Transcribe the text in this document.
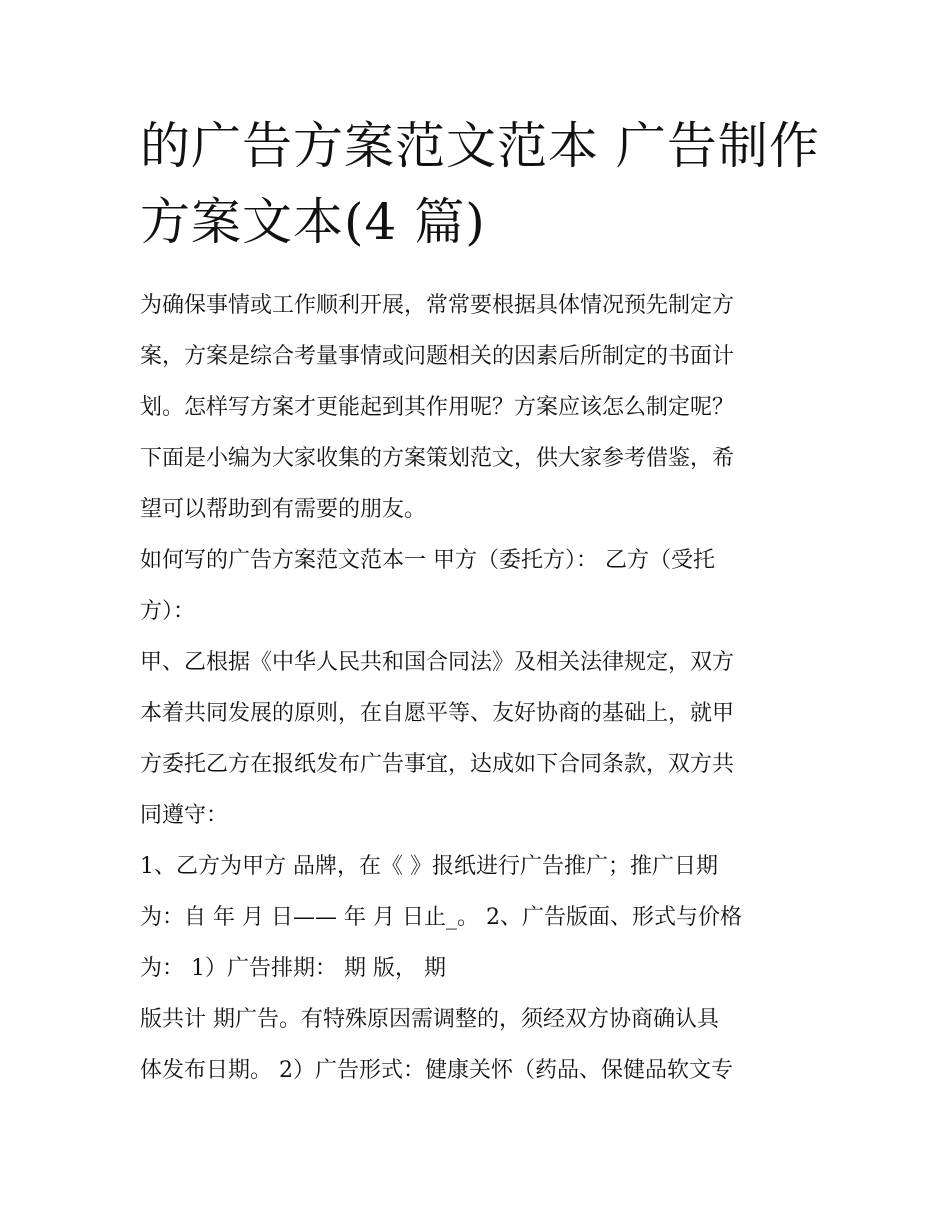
的广告方案范文范本 广告制作
方案文本(4 篇)
为确保事情或工作顺利开展，常常要根据具体情况预先制定方
案，方案是综合考量事情或问题相关的因素后所制定的书面计
划。怎样写方案才更能起到其作用呢？方案应该怎么制定呢？
下面是小编为大家收集的方案策划范文，供大家参考借鉴，希
望可以帮助到有需要的朋友。
如何写的广告方案范文范本一 甲方（委托方）： 乙方（受托
方）：
甲、乙根据《中华人民共和国合同法》及相关法律规定，双方
本着共同发展的原则，在自愿平等、友好协商的基础上，就甲
方委托乙方在报纸发布广告事宜，达成如下合同条款，双方共
同遵守：
1、乙方为甲方 品牌，在《 》报纸进行广告推广；推广日期
为：自 年 月 日—— 年 月 日止_。 2、广告版面、形式与价格
为： 1）广告排期： 期 版， 期
版共计 期广告。有特殊原因需调整的，须经双方协商确认具
体发布日期。 2）广告形式：健康关怀（药品、保健品软文专
